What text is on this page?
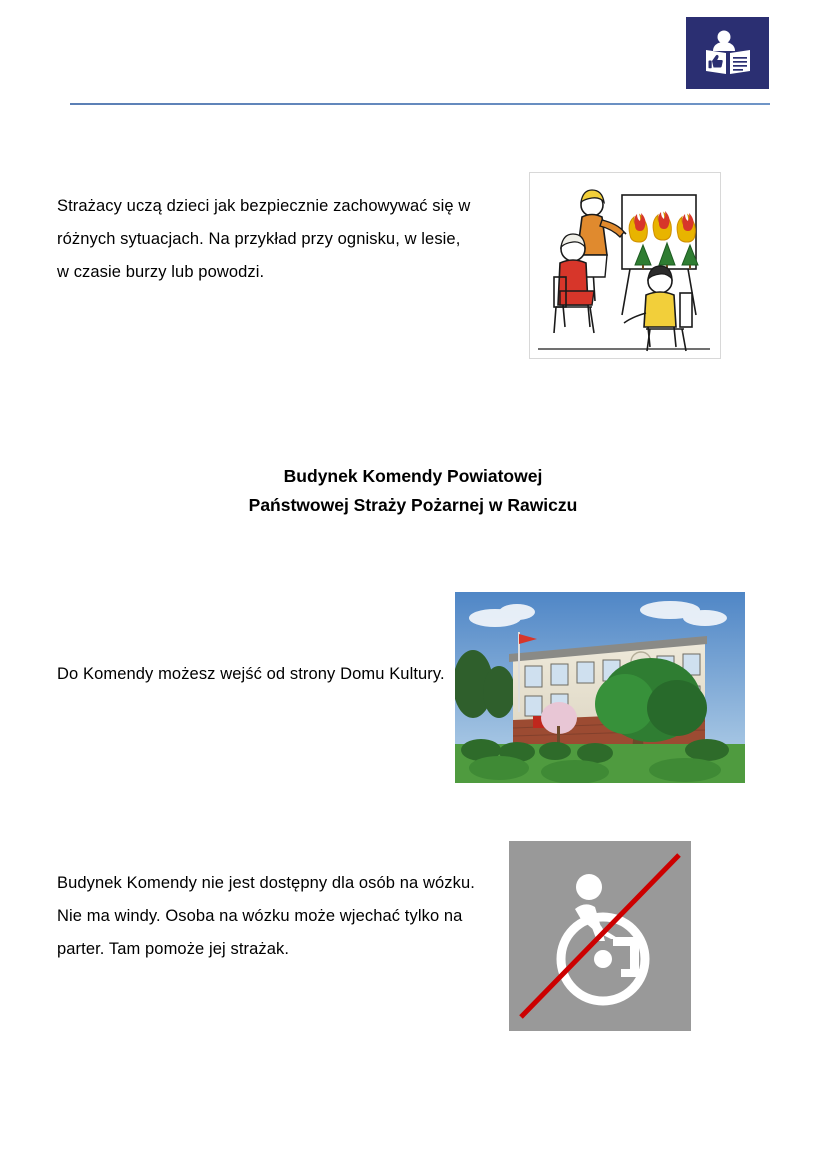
Strażacy uczą dzieci jak bezpiecznie zachowywać się w różnych sytuacjach. Na przykład przy ognisku, w lesie, w czasie burzy lub powodzi.
Budynek Komendy Powiatowej
Państwowej Straży Pożarnej w Rawiczu
Do Komendy możesz wejść od strony Domu Kultury.
Budynek Komendy nie jest dostępny dla osób na wózku. Nie ma windy. Osoba na wózku może wjechać tylko na parter. Tam pomoże jej strażak.
